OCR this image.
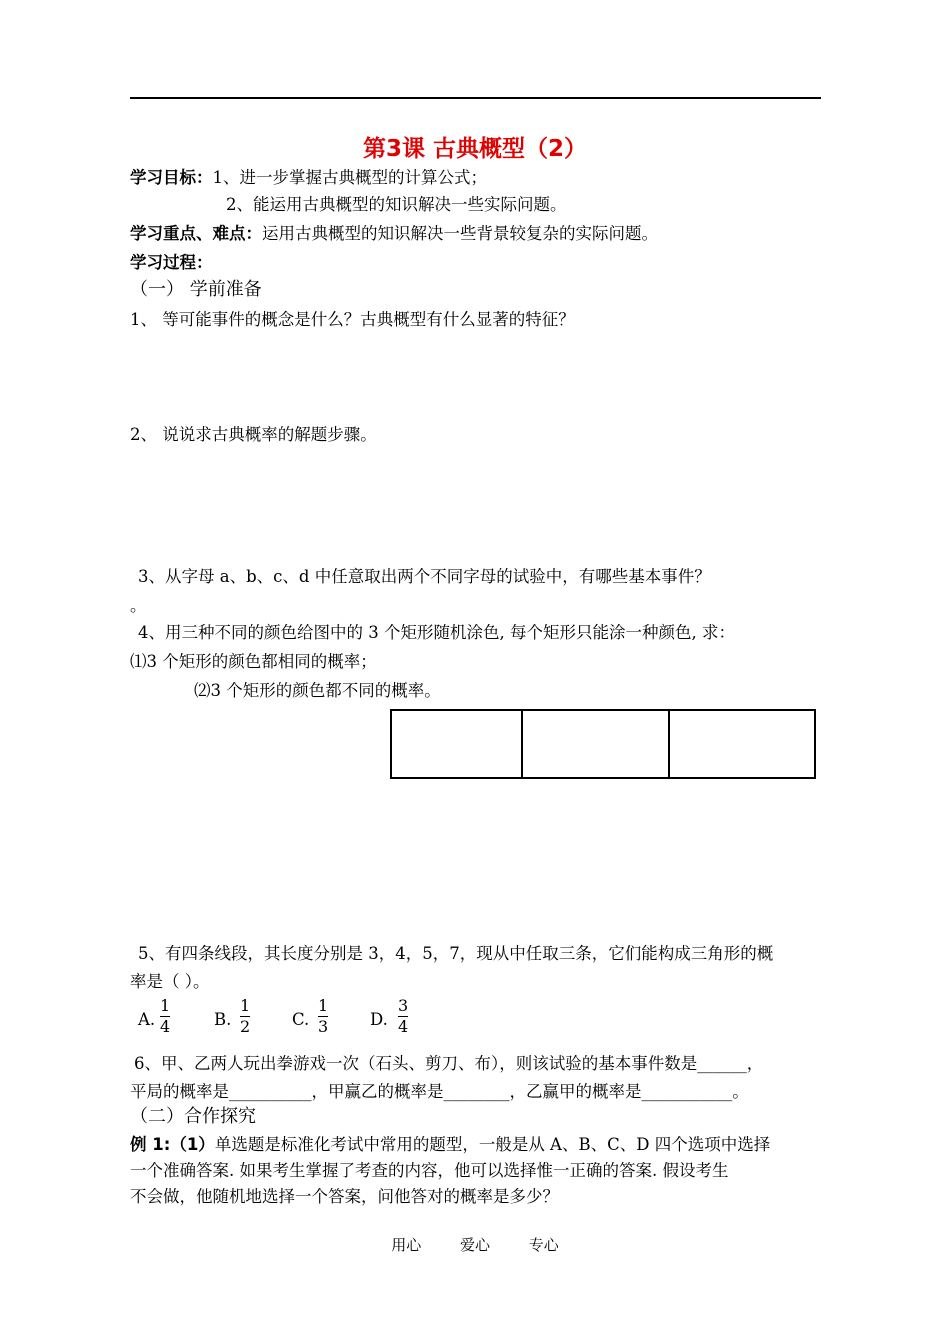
第3课 古典概型（2）
学习目标：1、进一步掌握古典概型的计算公式；
2、能运用古典概型的知识解决一些实际问题。
学习重点、难点：运用古典概型的知识解决一些背景较复杂的实际问题。
学习过程：
（一） 学前准备
1、 等可能事件的概念是什么？古典概型有什么显著的特征？
2、 说说求古典概率的解题步骤。
3、从字母 a、b、c、d 中任意取出两个不同字母的试验中，有哪些基本事件？
。
4、用三种不同的颜色给图中的 3 个矩形随机涂色, 每个矩形只能涂一种颜色, 求：
⑴3 个矩形的颜色都相同的概率；
⑵3 个矩形的颜色都不同的概率。
5、有四条线段，其长度分别是 3，4，5，7，现从中任取三条，它们能构成三角形的概
率是（ ）。
A.
1
4	B.
1
2	C.
1
3	D.
3
4
6、甲、乙两人玩出拳游戏一次（石头、剪刀、布），则该试验的基本事件数是______，
平局的概率是__________，甲赢乙的概率是________，乙赢甲的概率是___________。
（二）合作探究
例 1:（1）单选题是标准化考试中常用的题型，一般是从 A、B、C、D 四个选项中选择
一个准确答案. 如果考生掌握了考查的内容，他可以选择惟一正确的答案. 假设考生
不会做，他随机地选择一个答案，问他答对的概率是多少？
用心	爱心	专心
